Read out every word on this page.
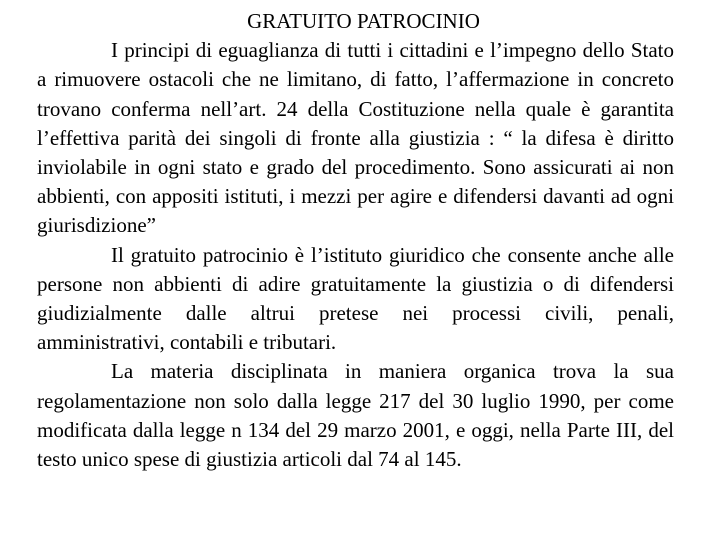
GRATUITO PATROCINIO

I principi di eguaglianza di tutti i cittadini e l’impegno dello Stato a rimuovere ostacoli che ne limitano, di fatto, l’affermazione in concreto trovano conferma nell’art. 24 della Costituzione nella quale è garantita l’effettiva parità dei singoli di fronte alla giustizia : “ la difesa è diritto inviolabile in ogni stato e grado del procedimento. Sono assicurati ai non abbienti, con appositi istituti, i mezzi per agire e difendersi davanti ad ogni giurisdizione”

Il gratuito patrocinio è l’istituto giuridico che consente anche alle persone non abbienti di adire gratuitamente la giustizia o di difendersi giudizialmente dalle altrui pretese nei processi civili, penali, amministrativi, contabili e tributari.

La materia disciplinata in maniera organica trova la sua regolamentazione non solo dalla legge 217 del 30 luglio 1990, per come modificata dalla legge n 134 del 29 marzo 2001, e oggi, nella Parte III, del testo unico spese di giustizia articoli dal 74 al 145.
